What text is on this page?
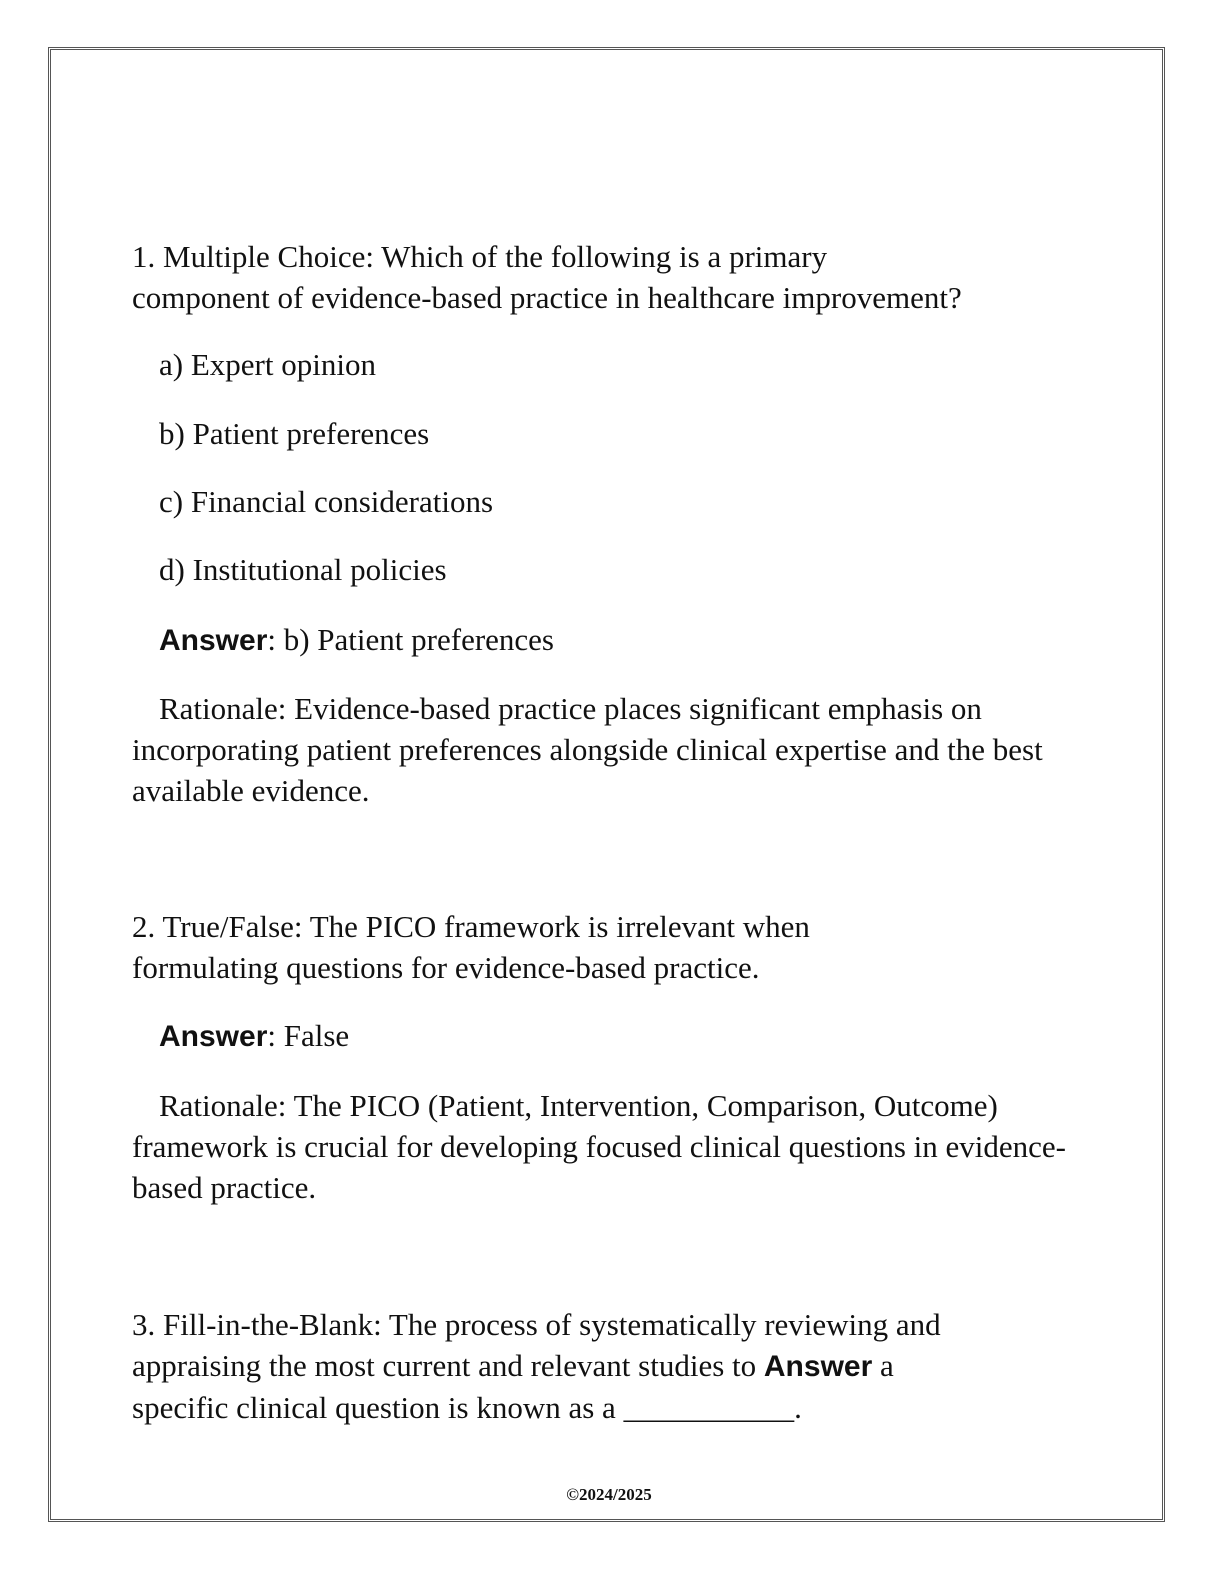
1. Multiple Choice: Which of the following is a primary

component of evidence-based practice in healthcare improvement?

a) Expert opinion

b) Patient preferences

c) Financial considerations

d) Institutional policies

Answer: b) Patient preferences

Rationale: Evidence-based practice places significant emphasis on incorporating patient preferences alongside clinical expertise and the best available evidence.

2. True/False: The PICO framework is irrelevant when

formulating questions for evidence-based practice.

Answer: False

Rationale: The PICO (Patient, Intervention, Comparison, Outcome) framework is crucial for developing focused clinical questions in evidence-based practice.

3. Fill-in-the-Blank: The process of systematically reviewing and

appraising the most current and relevant studies to Answer a

specific clinical question is known as a ___________.

©2024/2025
